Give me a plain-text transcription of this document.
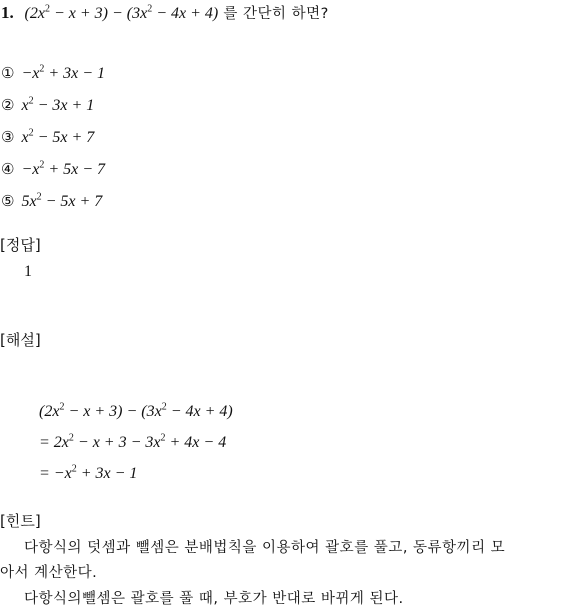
1. $(2x^2 - x + 3) - (3x^2 - 4x + 4)$ 를 간단히 하면?
① $-x^2 + 3x - 1$
② $x^2 - 3x + 1$
③ $x^2 - 5x + 7$
④ $-x^2 + 5x - 7$
⑤ $5x^2 - 5x + 7$
[정답]
1
[해설]
$(2x^2 - x + 3) - (3x^2 - 4x + 4)$
= $2x^2 - x + 3 - 3x^2 + 4x - 4$
= $-x^2 + 3x - 1$
[힌트]
다항식의 덧셈과 뺄셈은 분배법칙을 이용하여 괄호를 풀고, 동류항끼리 모
아서 계산한다.
다항식의뺄셈은 괄호를 풀 때, 부호가 반대로 바뀌게 된다.
